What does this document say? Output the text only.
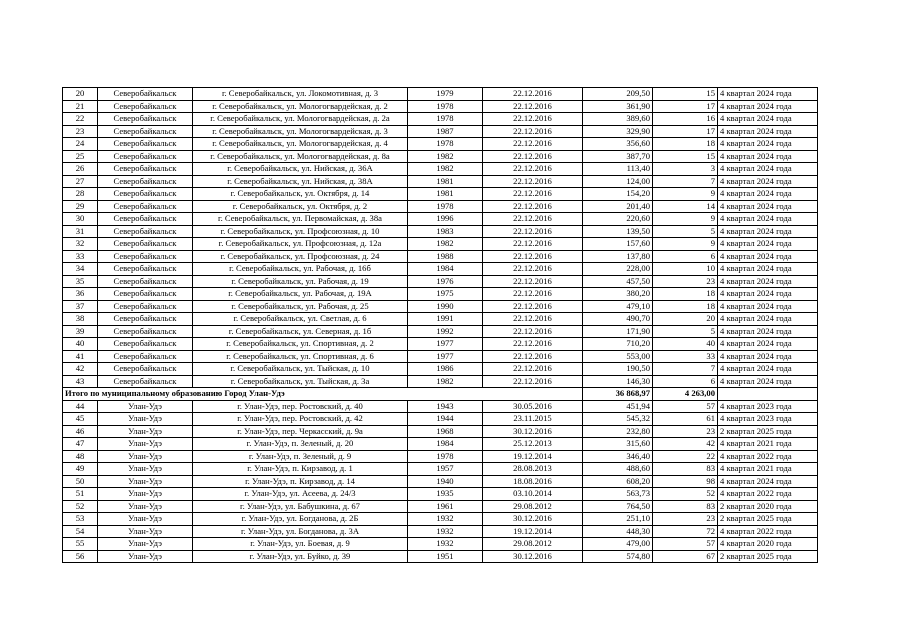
20	Северобайкальск	г. Северобайкальск, ул. Локомотивная, д. 3	1979	22.12.2016	209,50	15	4 квартал 2024 года
21	Северобайкальск	г. Северобайкальск, ул. Мологогвардейская, д. 2	1978	22.12.2016	361,90	17	4 квартал 2024 года
22	Северобайкальск	г. Северобайкальск, ул. Мологогвардейская, д. 2а	1978	22.12.2016	389,60	16	4 квартал 2024 года
23	Северобайкальск	г. Северобайкальск, ул. Мологогвардейская, д. 3	1987	22.12.2016	329,90	17	4 квартал 2024 года
24	Северобайкальск	г. Северобайкальск, ул. Мологогвардейская, д. 4	1978	22.12.2016	356,60	18	4 квартал 2024 года
25	Северобайкальск	г. Северобайкальск, ул. Мологогвардейская, д. 8а	1982	22.12.2016	387,70	15	4 квартал 2024 года
26	Северобайкальск	г. Северобайкальск, ул. Нийская, д. 36А	1982	22.12.2016	113,40	3	4 квартал 2024 года
27	Северобайкальск	г. Северобайкальск, ул. Нийская, д. 38А	1981	22.12.2016	124,00	7	4 квартал 2024 года
28	Северобайкальск	г. Северобайкальск, ул. Октября, д. 14	1981	22.12.2016	154,20	9	4 квартал 2024 года
29	Северобайкальск	г. Северобайкальск, ул. Октября, д. 2	1978	22.12.2016	201,40	14	4 квартал 2024 года
30	Северобайкальск	г. Северобайкальск, ул. Первомайская, д. 38а	1996	22.12.2016	220,60	9	4 квартал 2024 года
31	Северобайкальск	г. Северобайкальск, ул. Профсоюзная, д. 10	1983	22.12.2016	139,50	5	4 квартал 2024 года
32	Северобайкальск	г. Северобайкальск, ул. Профсоюзная, д. 12а	1982	22.12.2016	157,60	9	4 квартал 2024 года
33	Северобайкальск	г. Северобайкальск, ул. Профсоюзная, д. 24	1988	22.12.2016	137,80	6	4 квартал 2024 года
34	Северобайкальск	г. Северобайкальск, ул. Рабочая, д. 16б	1984	22.12.2016	228,00	10	4 квартал 2024 года
35	Северобайкальск	г. Северобайкальск, ул. Рабочая, д. 19	1976	22.12.2016	457,50	23	4 квартал 2024 года
36	Северобайкальск	г. Северобайкальск, ул. Рабочая, д. 19А	1975	22.12.2016	380,20	18	4 квартал 2024 года
37	Северобайкальск	г. Северобайкальск, ул. Рабочая, д. 25	1990	22.12.2016	479,10	18	4 квартал 2024 года
38	Северобайкальск	г. Северобайкальск, ул. Светлая, д. 6	1991	22.12.2016	490,70	20	4 квартал 2024 года
39	Северобайкальск	г. Северобайкальск, ул. Северная, д. 1б	1992	22.12.2016	171,90	5	4 квартал 2024 года
40	Северобайкальск	г. Северобайкальск, ул. Спортивная, д. 2	1977	22.12.2016	710,20	40	4 квартал 2024 года
41	Северобайкальск	г. Северобайкальск, ул. Спортивная, д. 6	1977	22.12.2016	553,00	33	4 квартал 2024 года
42	Северобайкальск	г. Северобайкальск, ул. Тыйская, д. 10	1986	22.12.2016	190,50	7	4 квартал 2024 года
43	Северобайкальск	г. Северобайкальск, ул. Тыйская, д. 3а	1982	22.12.2016	146,30	6	4 квартал 2024 года
Итого по муниципальному образованию Город Улан-Удэ					36 868,97	4 263,00	
44	Улан-Удэ	г. Улан-Удэ, пер. Ростовский, д. 40	1943	30.05.2016	451,94	57	4 квартал 2023 года
45	Улан-Удэ	г. Улан-Удэ, пер. Ростовский, д. 42	1944	23.11.2015	545,32	61	4 квартал 2023 года
46	Улан-Удэ	г. Улан-Удэ, пер. Черкасский, д. 9а	1968	30.12.2016	232,80	23	2 квартал 2025 года
47	Улан-Удэ	г. Улан-Удэ, п. Зеленый, д. 20	1984	25.12.2013	315,60	42	4 квартал 2021 года
48	Улан-Удэ	г. Улан-Удэ, п. Зеленый, д. 9	1978	19.12.2014	346,40	22	4 квартал 2022 года
49	Улан-Удэ	г. Улан-Удэ, п. Кирзавод, д. 1	1957	28.08.2013	488,60	83	4 квартал 2021 года
50	Улан-Удэ	г. Улан-Удэ, п. Кирзавод, д. 14	1940	18.08.2016	608,20	98	4 квартал 2024 года
51	Улан-Удэ	г. Улан-Удэ, ул. Асеева, д. 24/3	1935	03.10.2014	563,73	52	4 квартал 2022 года
52	Улан-Удэ	г. Улан-Удэ, ул. Бабушкина, д. 67	1961	29.08.2012	764,50	83	2 квартал 2020 года
53	Улан-Удэ	г. Улан-Удэ, ул. Богданова, д. 2Б	1932	30.12.2016	251,10	23	2 квартал 2025 года
54	Улан-Удэ	г. Улан-Удэ, ул. Богданова, д. 3А	1932	19.12.2014	448,30	72	4 квартал 2022 года
55	Улан-Удэ	г. Улан-Удэ, ул. Боевая, д. 9	1932	29.08.2012	479,00	57	4 квартал 2020 года
56	Улан-Удэ	г. Улан-Удэ, ул. Буйко, д. 39	1951	30.12.2016	574,80	67	2 квартал 2025 года
